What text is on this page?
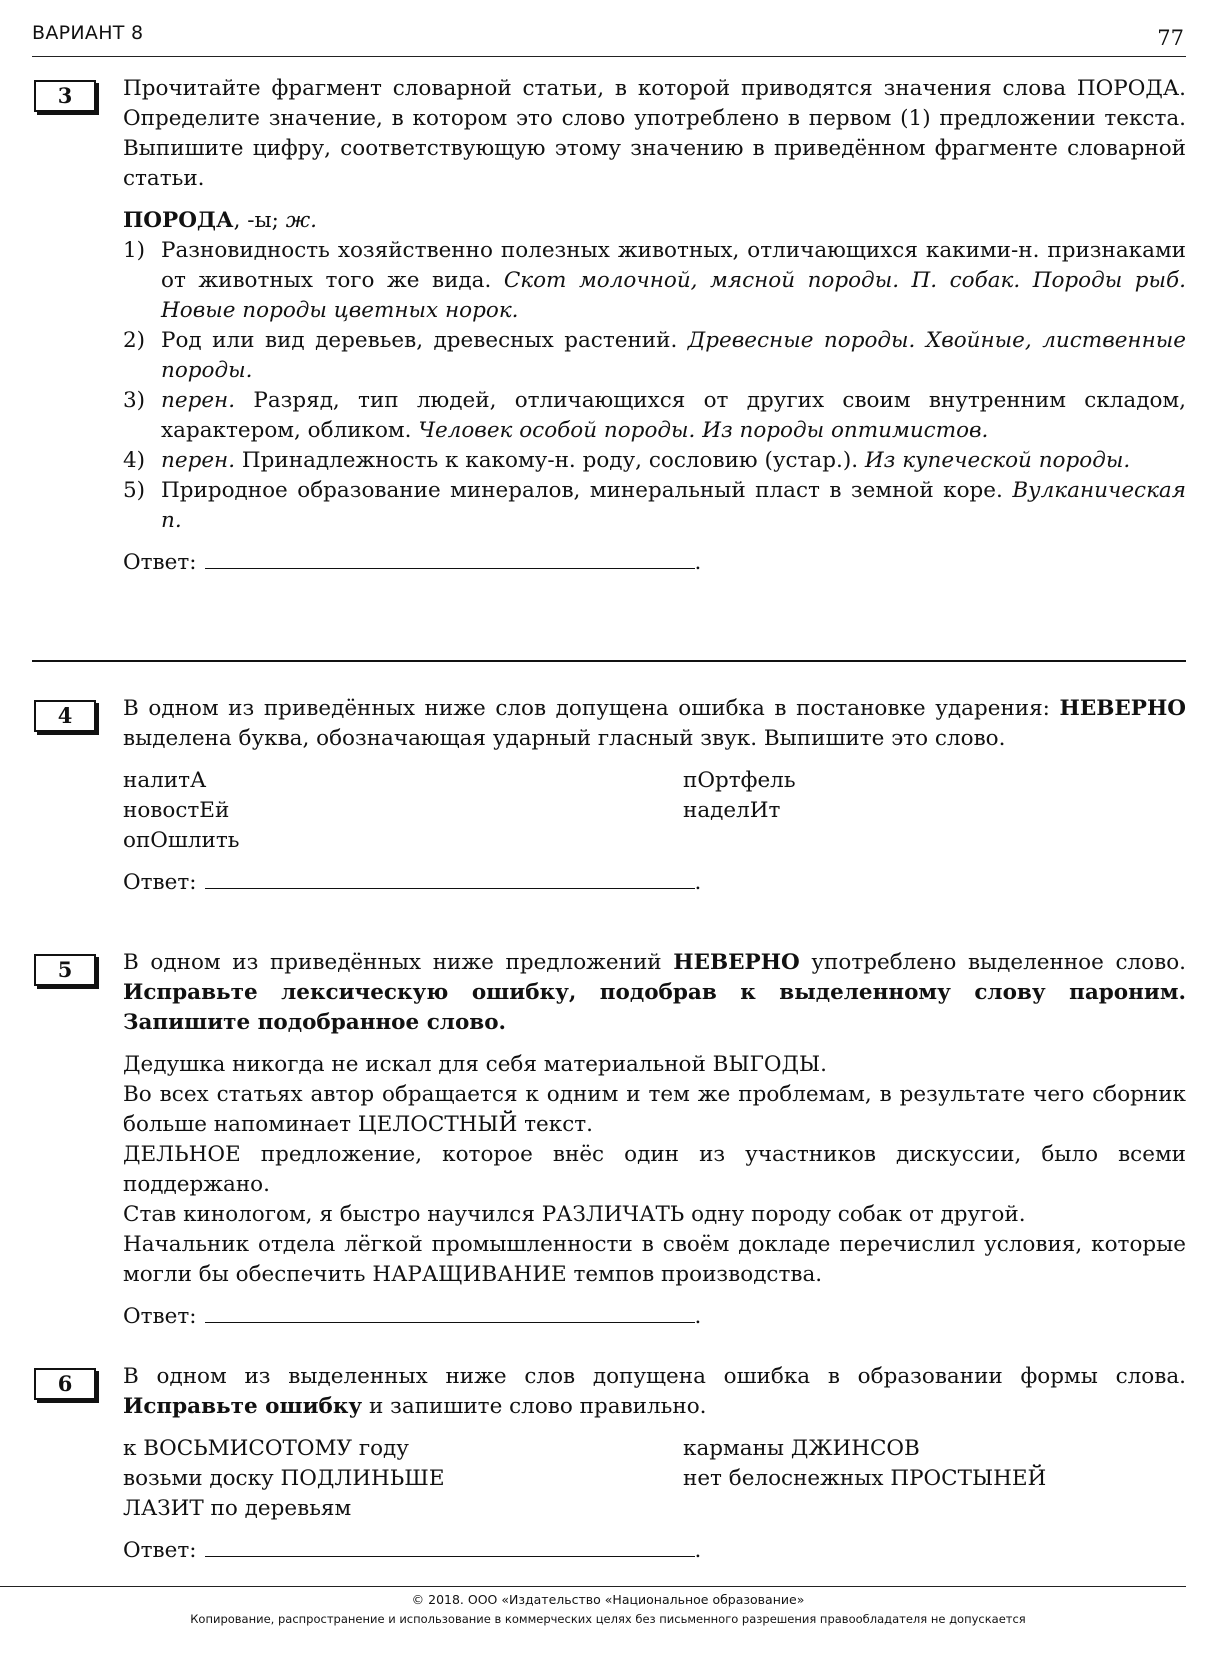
ВАРИАНТ 8	77
3	Прочитайте фрагмент словарной статьи, в которой приводятся значения слова ПОРОДА. Определите значение, в котором это слово употреблено в первом (1) предложении текста. Выпишите цифру, соответствующую этому значению в приведённом фрагменте словарной статьи.

ПОРОДА, -ы; ж.

1) Разновидность хозяйственно полезных животных, отличающихся какими-н. признаками от животных того же вида. Скот молочной, мясной породы. П. собак. Породы рыб. Новые породы цветных норок.
2) Род или вид деревьев, древесных растений. Древесные породы. Хвойные, лиственные породы.
3) перен. Разряд, тип людей, отличающихся от других своим внутренним складом, характером, обликом. Человек особой породы. Из породы оптимистов.
4) перен. Принадлежность к какому-н. роду, сословию (устар.). Из купеческой породы.
5) Природное образование минералов, минеральный пласт в земной коре. Вулканическая п.
Ответ:	.
4	В одном из приведённых ниже слов допущена ошибка в постановке ударения: НЕВЕРНО выделена буква, обозначающая ударный гласный звук. Выпишите это слово.

налитА

новостЕй

опОшлить

пОртфель

наделИт

Ответ:	.
5	В одном из приведённых ниже предложений НЕВЕРНО употреблено выделенное слово. Исправьте лексическую ошибку, подобрав к выделенному слову пароним. Запишите подобранное слово.

Дедушка никогда не искал для себя материальной ВЫГОДЫ.

Во всех статьях автор обращается к одним и тем же проблемам, в результате чего сборник больше напоминает ЦЕЛОСТНЫЙ текст.

ДЕЛЬНОЕ предложение, которое внёс один из участников дискуссии, было всеми поддержано.

Став кинологом, я быстро научился РАЗЛИЧАТЬ одну породу собак от другой.

Начальник отдела лёгкой промышленности в своём докладе перечислил условия, которые могли бы обеспечить НАРАЩИВАНИЕ темпов производства.

Ответ:	.
6	В одном из выделенных ниже слов допущена ошибка в образовании формы слова. Исправьте ошибку и запишите слово правильно.

к ВОСЬМИСОТОМУ году

возьми доску ПОДЛИНЬШЕ

ЛАЗИТ по деревьям

карманы ДЖИНСОВ

нет белоснежных ПРОСТЫНЕЙ

Ответ:	.
© 2018. ООО «Издательство «Национальное образование»
Копирование, распространение и использование в коммерческих целях без письменного разрешения правообладателя не допускается
